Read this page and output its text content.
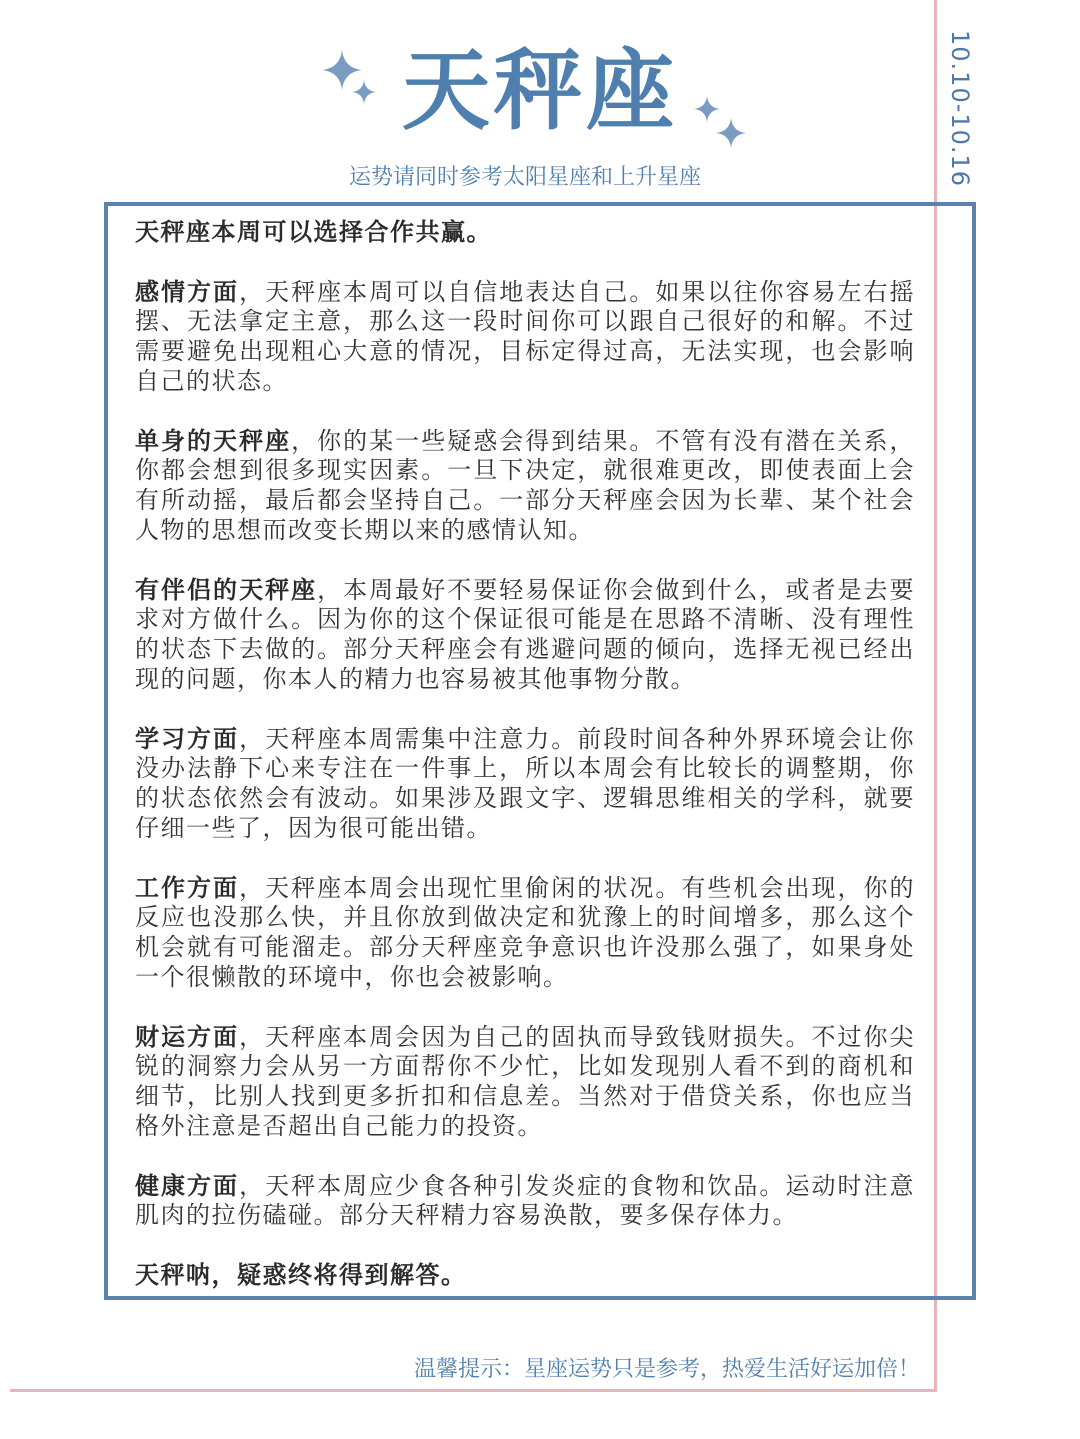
10.10-10.16
天秤座
运势请同时参考太阳星座和上升星座

天秤座本周可以选择合作共赢。

感情方面，天秤座本周可以自信地表达自己。如果以往你容易左右摇摆、无法拿定主意，那么这一段时间你可以跟自己很好的和解。不过需要避免出现粗心大意的情况，目标定得过高，无法实现，也会影响自己的状态。

单身的天秤座，你的某一些疑惑会得到结果。不管有没有潜在关系，你都会想到很多现实因素。一旦下决定，就很难更改，即使表面上会有所动摇，最后都会坚持自己。一部分天秤座会因为长辈、某个社会人物的思想而改变长期以来的感情认知。

有伴侣的天秤座，本周最好不要轻易保证你会做到什么，或者是去要求对方做什么。因为你的这个保证很可能是在思路不清晰、没有理性的状态下去做的。部分天秤座会有逃避问题的倾向，选择无视已经出现的问题，你本人的精力也容易被其他事物分散。

学习方面，天秤座本周需集中注意力。前段时间各种外界环境会让你没办法静下心来专注在一件事上，所以本周会有比较长的调整期，你的状态依然会有波动。如果涉及跟文字、逻辑思维相关的学科，就要仔细一些了，因为很可能出错。

工作方面，天秤座本周会出现忙里偷闲的状况。有些机会出现，你的反应也没那么快，并且你放到做决定和犹豫上的时间增多，那么这个机会就有可能溜走。部分天秤座竞争意识也许没那么强了，如果身处一个很懒散的环境中，你也会被影响。

财运方面，天秤座本周会因为自己的固执而导致钱财损失。不过你尖锐的洞察力会从另一方面帮你不少忙，比如发现别人看不到的商机和细节，比别人找到更多折扣和信息差。当然对于借贷关系，你也应当格外注意是否超出自己能力的投资。

健康方面，天秤本周应少食各种引发炎症的食物和饮品。运动时注意肌肉的拉伤磕碰。部分天秤精力容易涣散，要多保存体力。

天秤呐，疑惑终将得到解答。

温馨提示：星座运势只是参考，热爱生活好运加倍！
